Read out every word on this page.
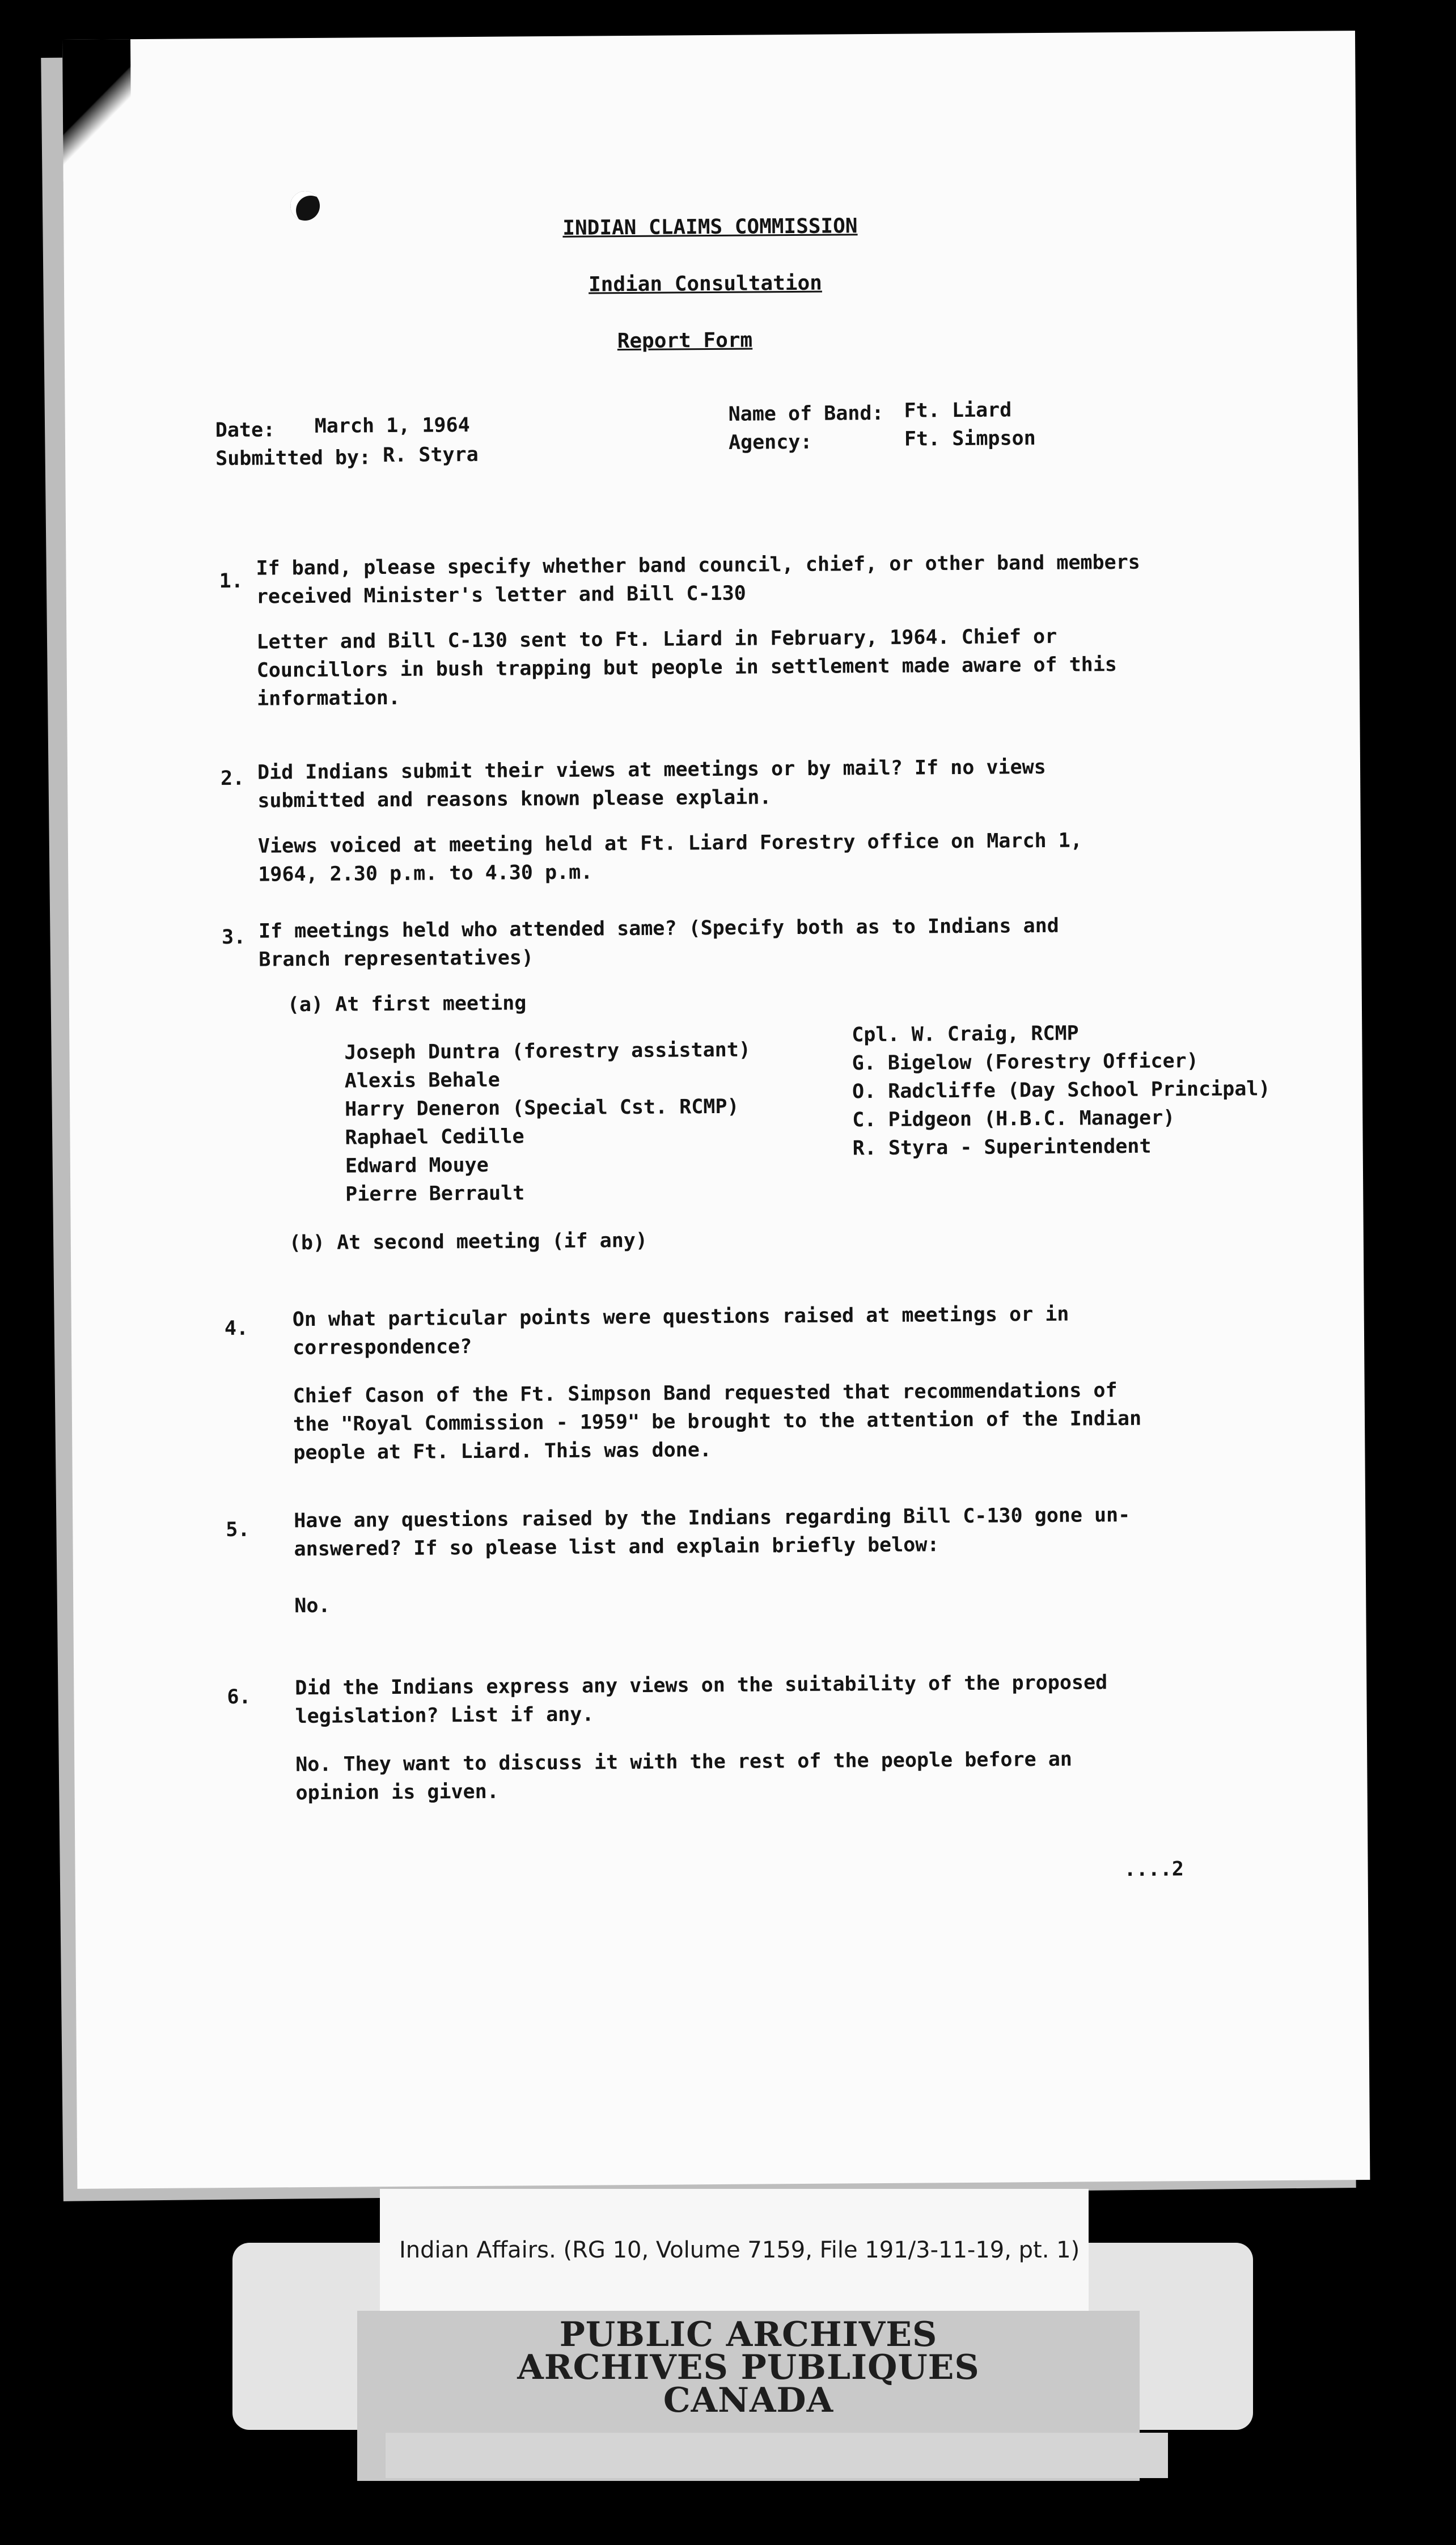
INDIAN CLAIMS COMMISSION
Indian Consultation
Report Form
Date: March 1, 1964
Submitted by: R. Styra
Name of Band: Ft. Liard
Agency:	Ft. Simpson
1.
If band, please specify whether band council, chief, or other band members
received Minister's letter and Bill C-130
Letter and Bill C-130 sent to Ft. Liard in February, 1964. Chief or
Councillors in bush trapping but people in settlement made aware of this
information.
2. Did Indians submit their views at meetings or by mail? If no views
submitted and reasons known please explain.
Views voiced at meeting held at Ft. Liard Forestry office on March 1,
1964, 2.30 p.m. to 4.30 p.m.
3. If meetings held who attended same? (Specify both as to Indians and
Branch representatives)
(a) At first meeting
Joseph Duntra (forestry assistant)
Alexis Behale
Harry Deneron (Special Cst. RCMP)
Raphael Cedille
Edward Mouye
Pierre Berrault
Cpl. W. Craig, RCMP
G. Bigelow (Forestry Officer)
O. Radcliffe (Day School Principal)
C. Pidgeon (H.B.C. Manager)
R. Styra - Superintendent
(b) At second meeting (if any)
4. On what particular points were questions raised at meetings or in
correspondence?
Chief Cason of the Ft. Simpson Band requested that recommendations of
the "Royal Commission - 1959" be brought to the attention of the Indian
people at Ft. Liard. This was done.
5. Have any questions raised by the Indians regarding Bill C-130 gone un-
answered? If so please list and explain briefly below:
No.
6. Did the Indians express any views on the suitability of the proposed
legislation? List if any.
No. They want to discuss it with the rest of the people before an
opinion is given.
....2
Indian Affairs. (RG 10, Volume 7159, File 191/3-11-19, pt. 1)
PUBLIC ARCHIVES
ARCHIVES PUBLIQUES
CANADA
